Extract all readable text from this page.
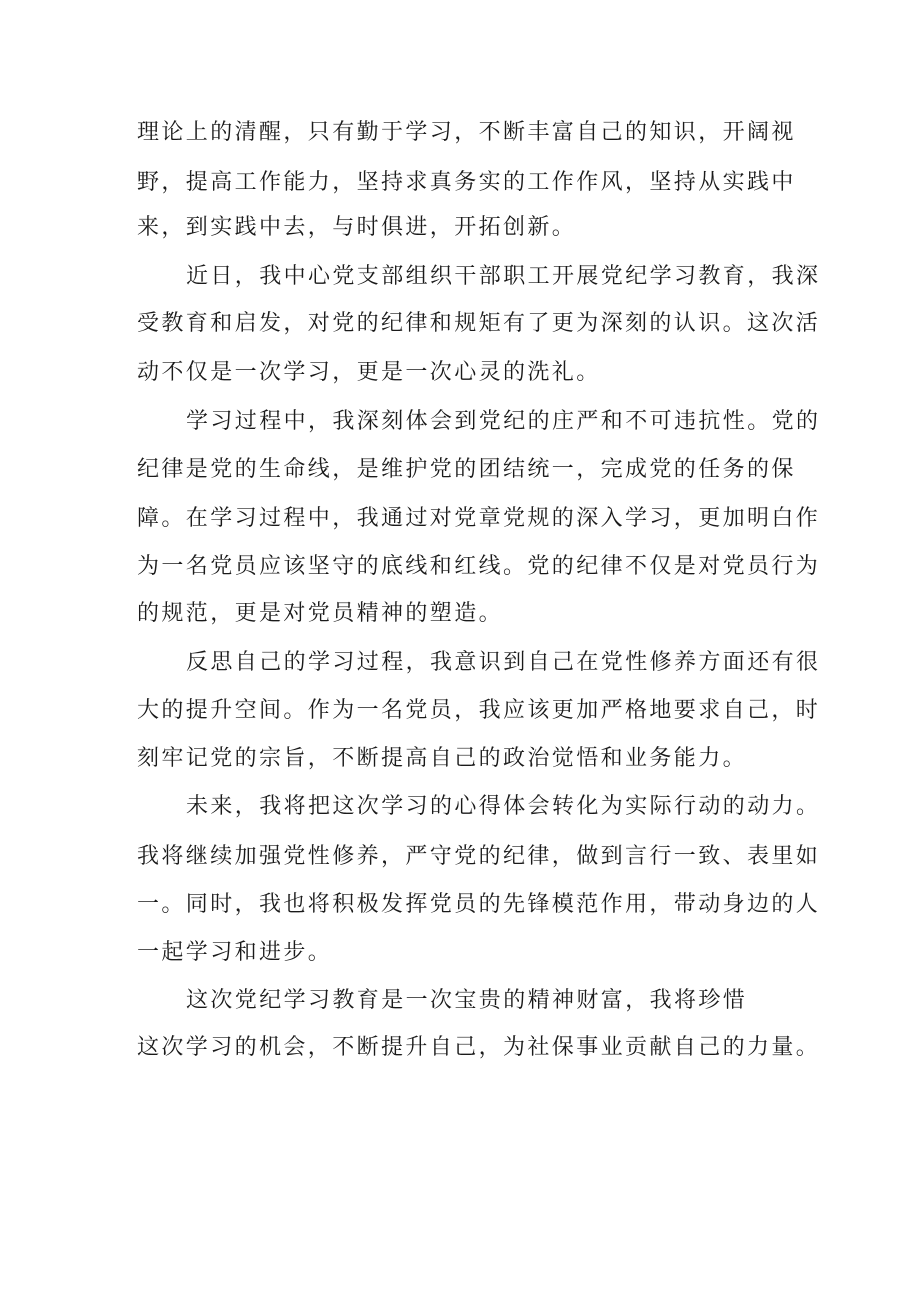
理论上的清醒，只有勤于学习，不断丰富自己的知识，开阔视
野，提高工作能力，坚持求真务实的工作作风，坚持从实践中
来，到实践中去，与时俱进，开拓创新。
近日，我中心党支部组织干部职工开展党纪学习教育，我深
受教育和启发，对党的纪律和规矩有了更为深刻的认识。这次活
动不仅是一次学习，更是一次心灵的洗礼。
学习过程中，我深刻体会到党纪的庄严和不可违抗性。党的
纪律是党的生命线，是维护党的团结统一，完成党的任务的保
障。在学习过程中，我通过对党章党规的深入学习，更加明白作
为一名党员应该坚守的底线和红线。党的纪律不仅是对党员行为
的规范，更是对党员精神的塑造。
反思自己的学习过程，我意识到自己在党性修养方面还有很
大的提升空间。作为一名党员，我应该更加严格地要求自己，时
刻牢记党的宗旨，不断提高自己的政治觉悟和业务能力。
未来，我将把这次学习的心得体会转化为实际行动的动力。
我将继续加强党性修养，严守党的纪律，做到言行一致、表里如
一。同时，我也将积极发挥党员的先锋模范作用，带动身边的人
一起学习和进步。
这次党纪学习教育是一次宝贵的精神财富，我将珍惜
这次学习的机会，不断提升自己，为社保事业贡献自己的力量。
